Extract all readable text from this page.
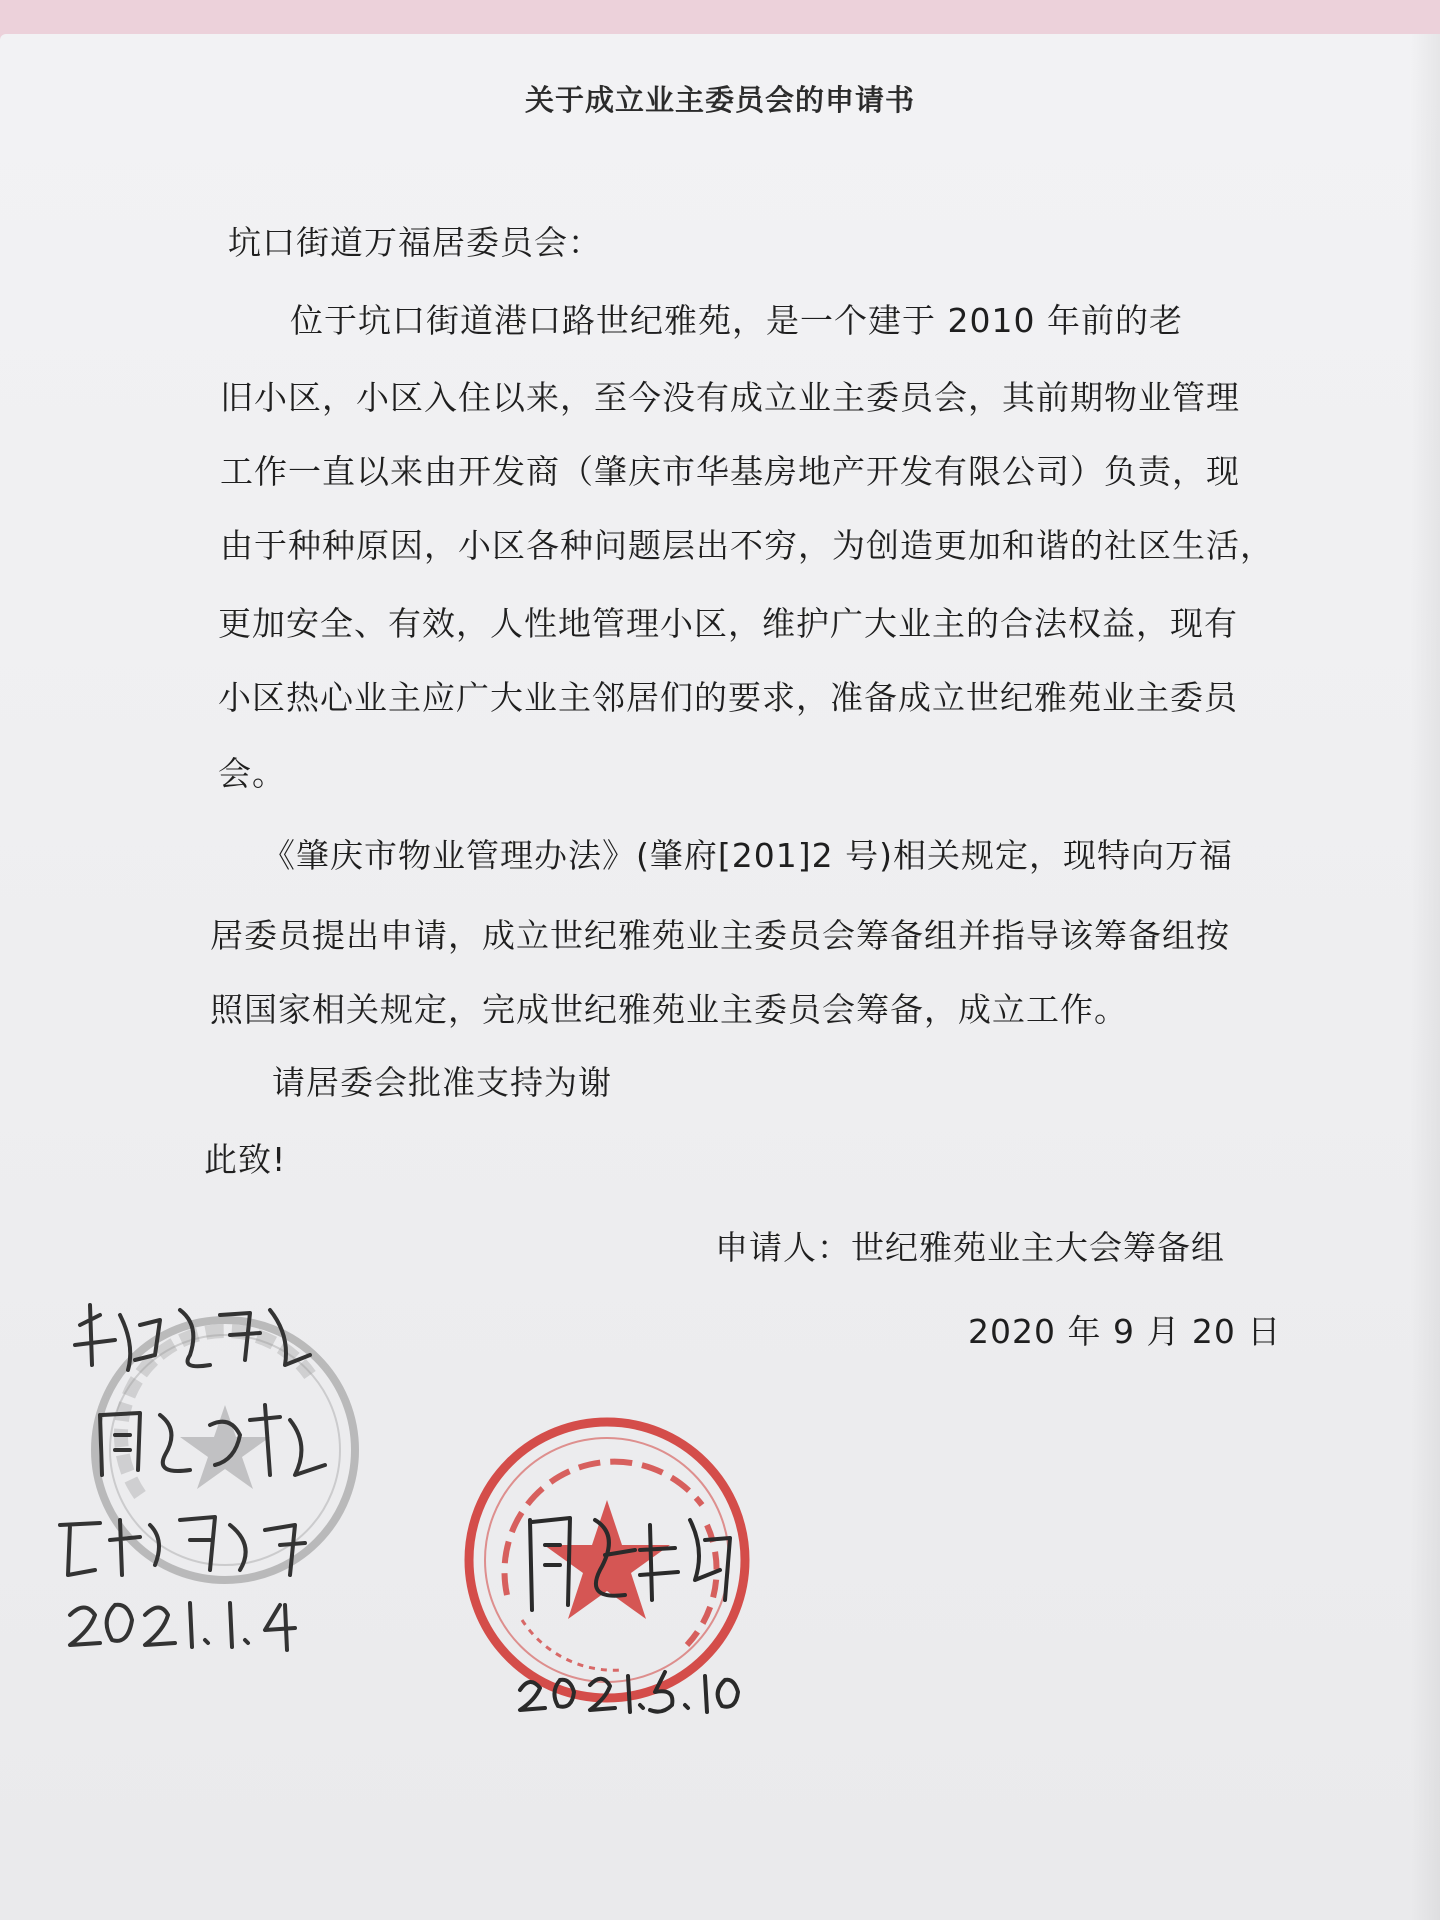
关于成立业主委员会的申请书
坑口街道万福居委员会：
位于坑口街道港口路世纪雅苑，是一个建于 2010 年前的老
旧小区，小区入住以来，至今没有成立业主委员会，其前期物业管理
工作一直以来由开发商（肇庆市华基房地产开发有限公司）负责，现
由于种种原因，小区各种问题层出不穷，为创造更加和谐的社区生活，
更加安全、有效，人性地管理小区，维护广大业主的合法权益，现有
小区热心业主应广大业主邻居们的要求，准备成立世纪雅苑业主委员
会。
《肇庆市物业管理办法》(肇府[201]2 号)相关规定，现特向万福
居委员提出申请，成立世纪雅苑业主委员会筹备组并指导该筹备组按
照国家相关规定，完成世纪雅苑业主委员会筹备，成立工作。
请居委会批准支持为谢
此致!
申请人：世纪雅苑业主大会筹备组
2020 年 9 月 20 日
